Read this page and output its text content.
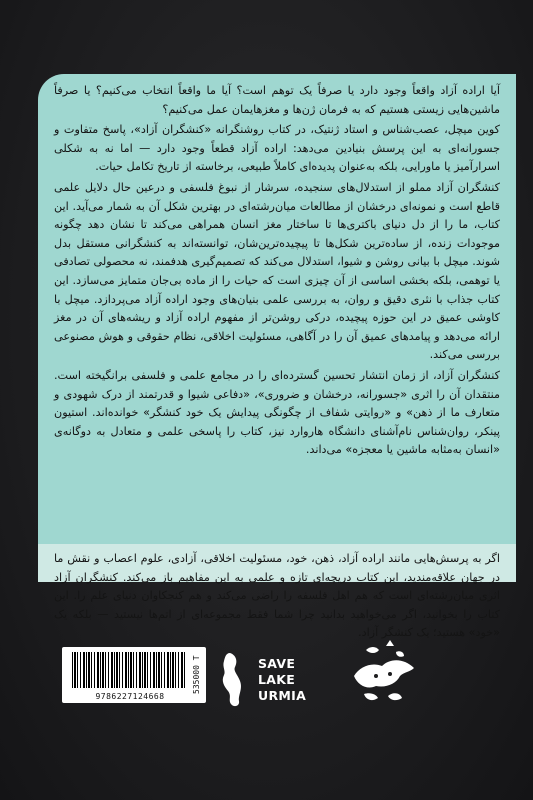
آیا اراده آزاد واقعاً وجود دارد یا صرفاً یک توهم است؟ آیا ما واقعاً انتخاب می‌کنیم؟ یا صرفاً ماشین‌هایی زیستی هستیم که به فرمان ژن‌ها و مغزهایمان عمل می‌کنیم؟

کوین میچل، عصب‌شناس و استاد ژنتیک، در کتاب روشنگرانه «کنشگران آزاد»، پاسخ متفاوت و جسورانه‌ای به این پرسش بنیادین می‌دهد: اراده آزاد قطعاً وجود دارد — اما نه به شکلی اسرارآمیز یا ماورایی، بلکه به‌عنوان پدیده‌ای کاملاً طبیعی، برخاسته از تاریخ تکامل حیات.

کنشگران آزاد مملو از استدلال‌های سنجیده، سرشار از نبوغ فلسفی و درعین حال دلایل علمی قاطع است و نمونه‌ای درخشان از مطالعات میان‌رشته‌ای در بهترین شکل آن به شمار می‌آید. این کتاب، ما را از دل دنیای باکتری‌ها تا ساختار مغز انسان همراهی می‌کند تا نشان دهد چگونه موجودات زنده، از ساده‌ترین شکل‌ها تا پیچیده‌ترین‌شان، توانسته‌اند به کنشگرانی مستقل بدل شوند. میچل با بیانی روشن و شیوا، استدلال می‌کند که تصمیم‌گیری هدفمند، نه محصولی تصادفی یا توهمی، بلکه بخشی اساسی از آن چیزی است که حیات را از ماده بی‌جان متمایز می‌سازد. این کتاب جذاب با نثری دقیق و روان، به بررسی علمی بنیان‌های وجود اراده آزاد می‌پردازد. میچل با کاوشی عمیق در این حوزه پیچیده، درکی روشن‌تر از مفهوم اراده آزاد و ریشه‌های آن در مغز ارائه می‌دهد و پیامدهای عمیق آن را در آگاهی، مسئولیت اخلاقی، نظام حقوقی و هوش مصنوعی بررسی می‌کند.

کنشگران آزاد، از زمان انتشار تحسین گسترده‌ای را در مجامع علمی و فلسفی برانگیخته است. منتقدان آن را اثری «جسورانه، درخشان و ضروری»، «دفاعی شیوا و قدرتمند از درک شهودی و متعارف ما از ذهن» و «روایتی شفاف از چگونگی پیدایش یک خود کنشگر» خوانده‌اند. استیون پینکر، روان‌شناس نام‌آشنای دانشگاه هاروارد نیز، کتاب را پاسخی علمی و متعادل به دوگانه‌ی «انسان به‌مثابه ماشین یا معجزه» می‌داند.

اگر به پرسش‌هایی مانند اراده آزاد، ذهن، خود، مسئولیت اخلاقی، آزادی، علوم اعصاب و نقش ما در جهان علاقه‌مندید، این کتاب دریچه‌ای تازه و علمی به این مفاهیم باز می‌کند. کنشگران آزاد اثری میان‌رشته‌ای است که هم اهل فلسفه را راضی می‌کند و هم کنجکاوان دنیای علم را. این کتاب را بخوانید، اگر می‌خواهید بدانید چرا شما فقط مجموعه‌ای از اتم‌ها نیستید — بلکه یک «خود» هستید؛ یک کنشگر آزاد.

9786227124668
535000 T	SAVE
LAKE URMIA
